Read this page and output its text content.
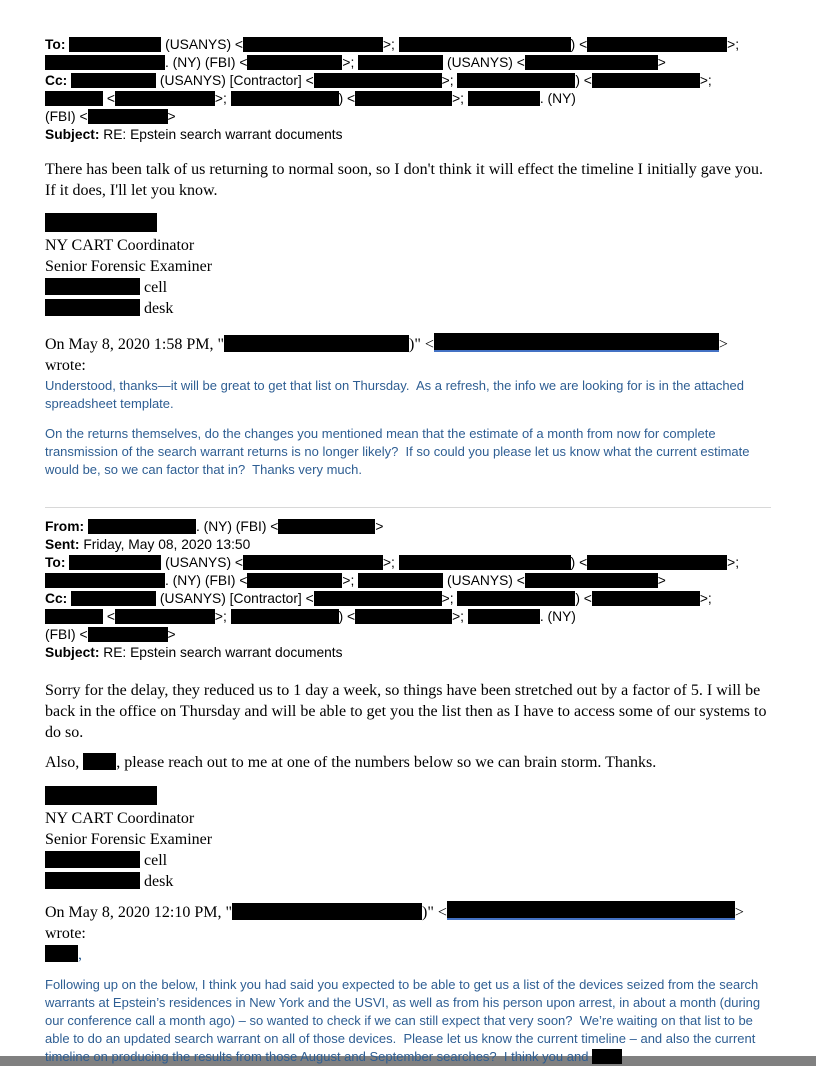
To:	(USANYS) <	>;	) <	>;
. (NY) (FBI) <	>;	(USANYS) <	>
Cc:	(USANYS) [Contractor] <	>;	) <	>;
<	>;	) <	>;	. (NY)
(FBI) <	>
Subject: RE: Epstein search warrant documents
There has been talk of us returning to normal soon, so I don't think it will effect the timeline I initially gave you. If it does, I'll let you know.
NY CART Coordinator
Senior Forensic Examiner
cell
desk
On May 8, 2020 1:58 PM, "	)" <	> wrote:
Understood, thanks—it will be great to get that list on Thursday.  As a refresh, the info we are looking for is in the attached spreadsheet template.
On the returns themselves, do the changes you mentioned mean that the estimate of a month from now for complete transmission of the search warrant returns is no longer likely?  If so could you please let us know what the current estimate would be, so we can factor that in?  Thanks very much.
From:	. (NY) (FBI) <	>
Sent: Friday, May 08, 2020 13:50
To:	(USANYS) <	>;	) <	>;
. (NY) (FBI) <	>;	(USANYS) <	>
Cc:	(USANYS) [Contractor] <	>;	) <	>;
<	>;	) <	>;	. (NY)
(FBI) <	>
Subject: RE: Epstein search warrant documents
Sorry for the delay, they reduced us to 1 day a week, so things have been stretched out by a factor of 5. I will be back in the office on Thursday and will be able to get you the list then as I have to access some of our systems to do so.
Also, , please reach out to me at one of the numbers below so we can brain storm. Thanks.
NY CART Coordinator
Senior Forensic Examiner
cell
desk
On May 8, 2020 12:10 PM, "	)" <	> wrote:
,
Following up on the below, I think you had said you expected to be able to get us a list of the devices seized from the search warrants at Epstein’s residences in New York and the USVI, as well as from his person upon arrest, in about a month (during our conference call a month ago) – so wanted to check if we can still expect that very soon?  We’re waiting on that list to be able to do an updated search warrant on all of those devices.  Please let us know the current timeline – and also the current timeline on producing the results from those August and September searches?  I think you and
